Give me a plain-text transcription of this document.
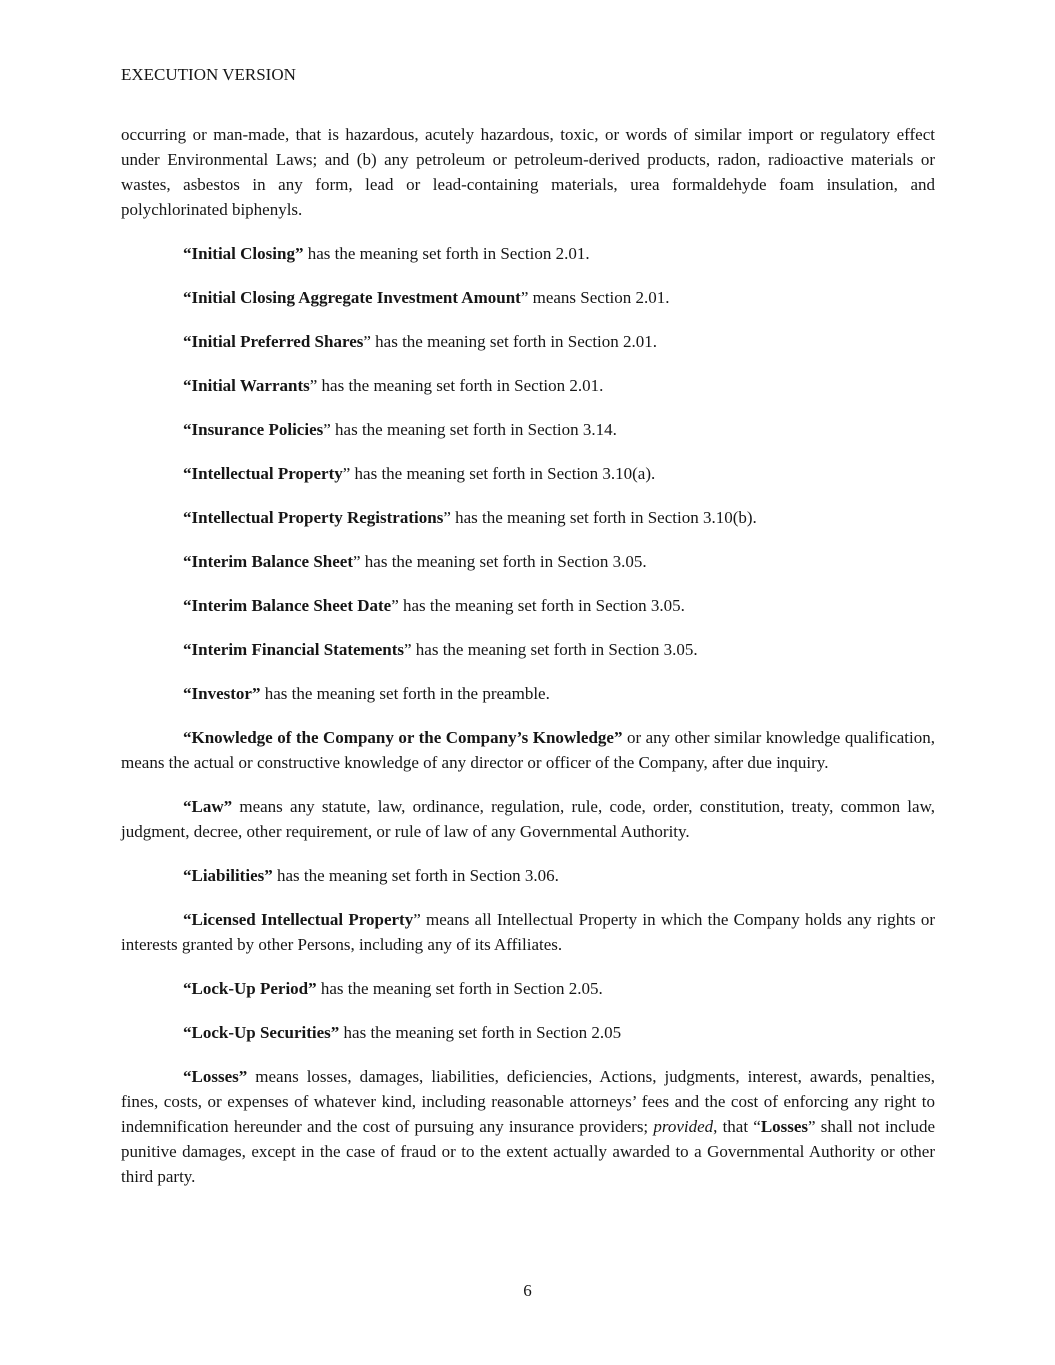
EXECUTION VERSION

occurring or man-made, that is hazardous, acutely hazardous, toxic, or words of similar import or regulatory effect under Environmental Laws; and (b) any petroleum or petroleum-derived products, radon, radioactive materials or wastes, asbestos in any form, lead or lead-containing materials, urea formaldehyde foam insulation, and polychlorinated biphenyls.

“Initial Closing” has the meaning set forth in Section 2.01.

“Initial Closing Aggregate Investment Amount” means Section 2.01.

“Initial Preferred Shares” has the meaning set forth in Section 2.01.

“Initial Warrants” has the meaning set forth in Section 2.01.

“Insurance Policies” has the meaning set forth in Section 3.14.

“Intellectual Property” has the meaning set forth in Section 3.10(a).

“Intellectual Property Registrations” has the meaning set forth in Section 3.10(b).

“Interim Balance Sheet” has the meaning set forth in Section 3.05.

“Interim Balance Sheet Date” has the meaning set forth in Section 3.05.

“Interim Financial Statements” has the meaning set forth in Section 3.05.

“Investor” has the meaning set forth in the preamble.

“Knowledge of the Company or the Company’s Knowledge” or any other similar knowledge qualification, means the actual or constructive knowledge of any director or officer of the Company, after due inquiry.

“Law” means any statute, law, ordinance, regulation, rule, code, order, constitution, treaty, common law, judgment, decree, other requirement, or rule of law of any Governmental Authority.

“Liabilities” has the meaning set forth in Section 3.06.

“Licensed Intellectual Property” means all Intellectual Property in which the Company holds any rights or interests granted by other Persons, including any of its Affiliates.

“Lock-Up Period” has the meaning set forth in Section 2.05.

“Lock-Up Securities” has the meaning set forth in Section 2.05

“Losses” means losses, damages, liabilities, deficiencies, Actions, judgments, interest, awards, penalties, fines, costs, or expenses of whatever kind, including reasonable attorneys’ fees and the cost of enforcing any right to indemnification hereunder and the cost of pursuing any insurance providers; provided, that “Losses” shall not include punitive damages, except in the case of fraud or to the extent actually awarded to a Governmental Authority or other third party.

6
